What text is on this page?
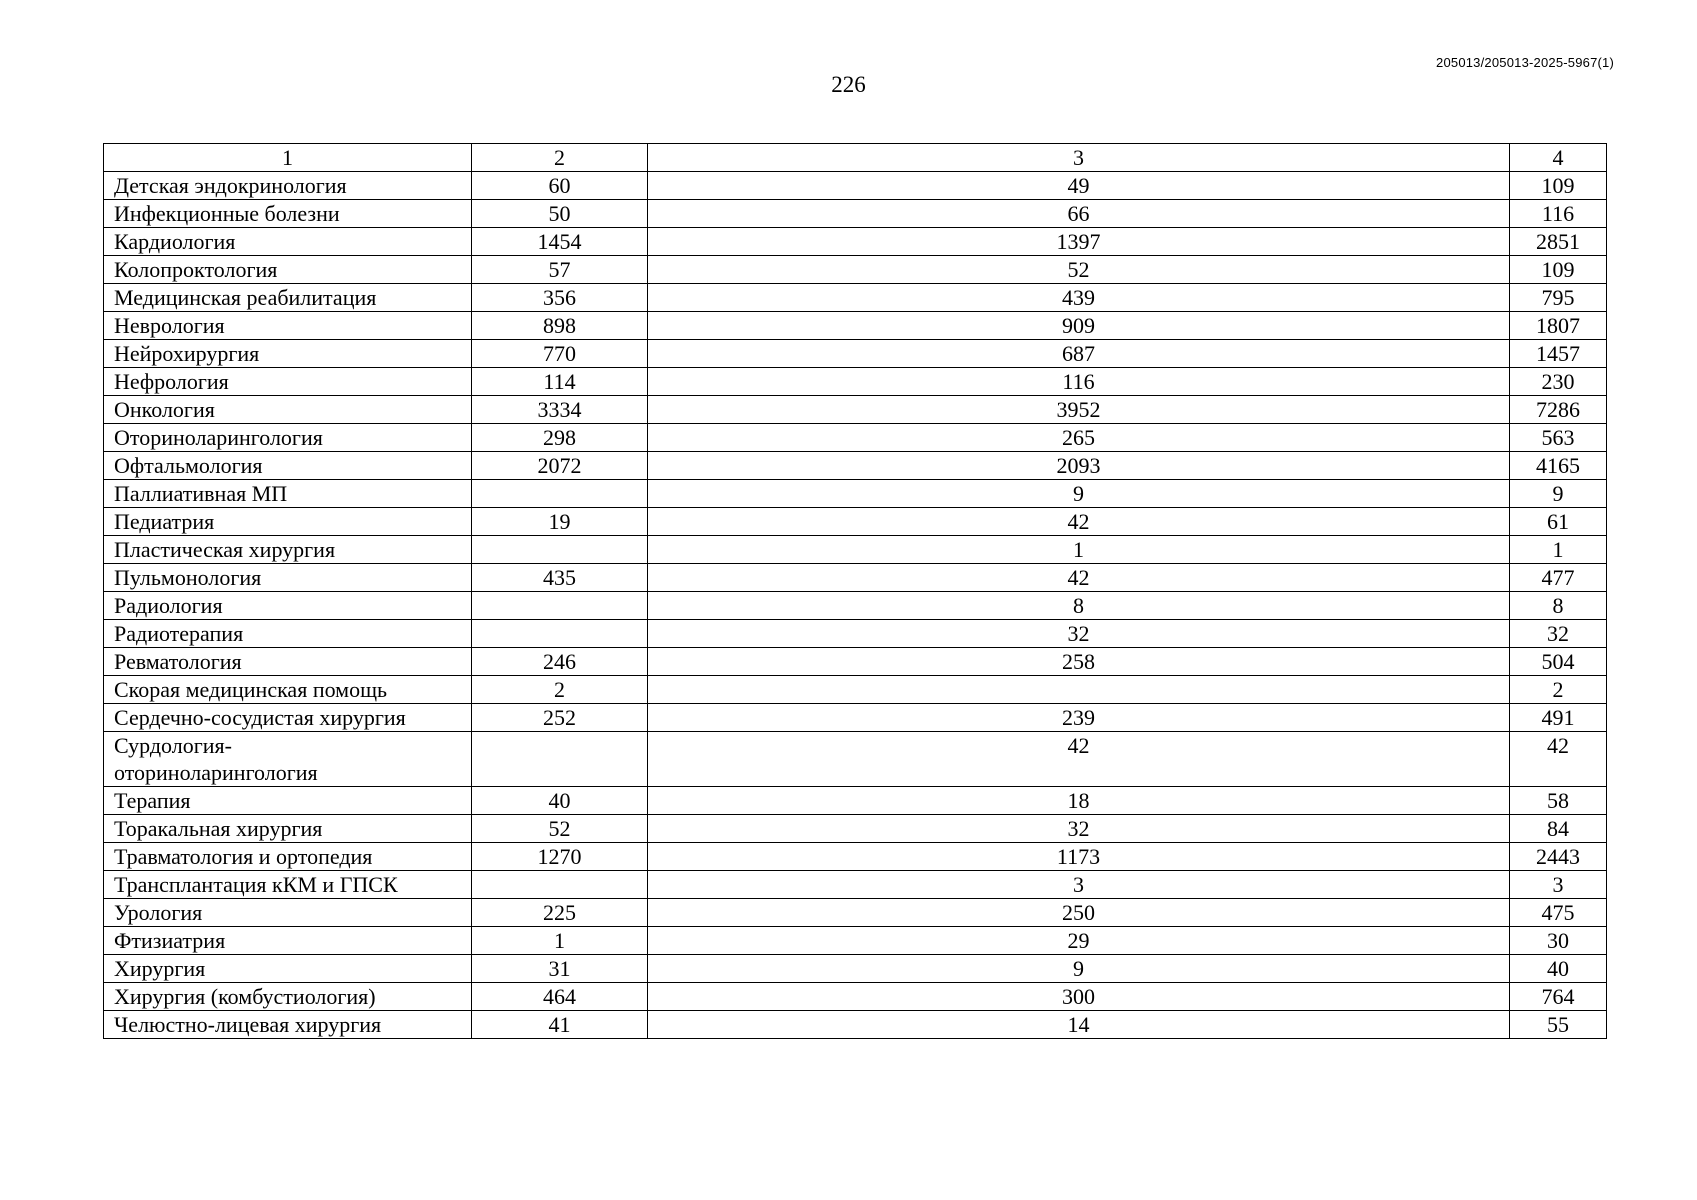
205013/205013-2025-5967(1)
226
1	2	3	4
Детская эндокринология	60	49	109
Инфекционные болезни	50	66	116
Кардиология	1454	1397	2851
Колопроктология	57	52	109
Медицинская реабилитация	356	439	795
Неврология	898	909	1807
Нейрохирургия	770	687	1457
Нефрология	114	116	230
Онкология	3334	3952	7286
Оториноларингология	298	265	563
Офтальмология	2072	2093	4165
Паллиативная МП		9	9
Педиатрия	19	42	61
Пластическая хирургия		1	1
Пульмонология	435	42	477
Радиология		8	8
Радиотерапия		32	32
Ревматология	246	258	504
Скорая медицинская помощь	2		2
Сердечно-сосудистая хирургия	252	239	491
Сурдология-
оториноларингология		42	42
Терапия	40	18	58
Торакальная хирургия	52	32	84
Травматология и ортопедия	1270	1173	2443
Трансплантация кКМ и ГПСК		3	3
Урология	225	250	475
Фтизиатрия	1	29	30
Хирургия	31	9	40
Хирургия (комбустиология)	464	300	764
Челюстно-лицевая хирургия	41	14	55
